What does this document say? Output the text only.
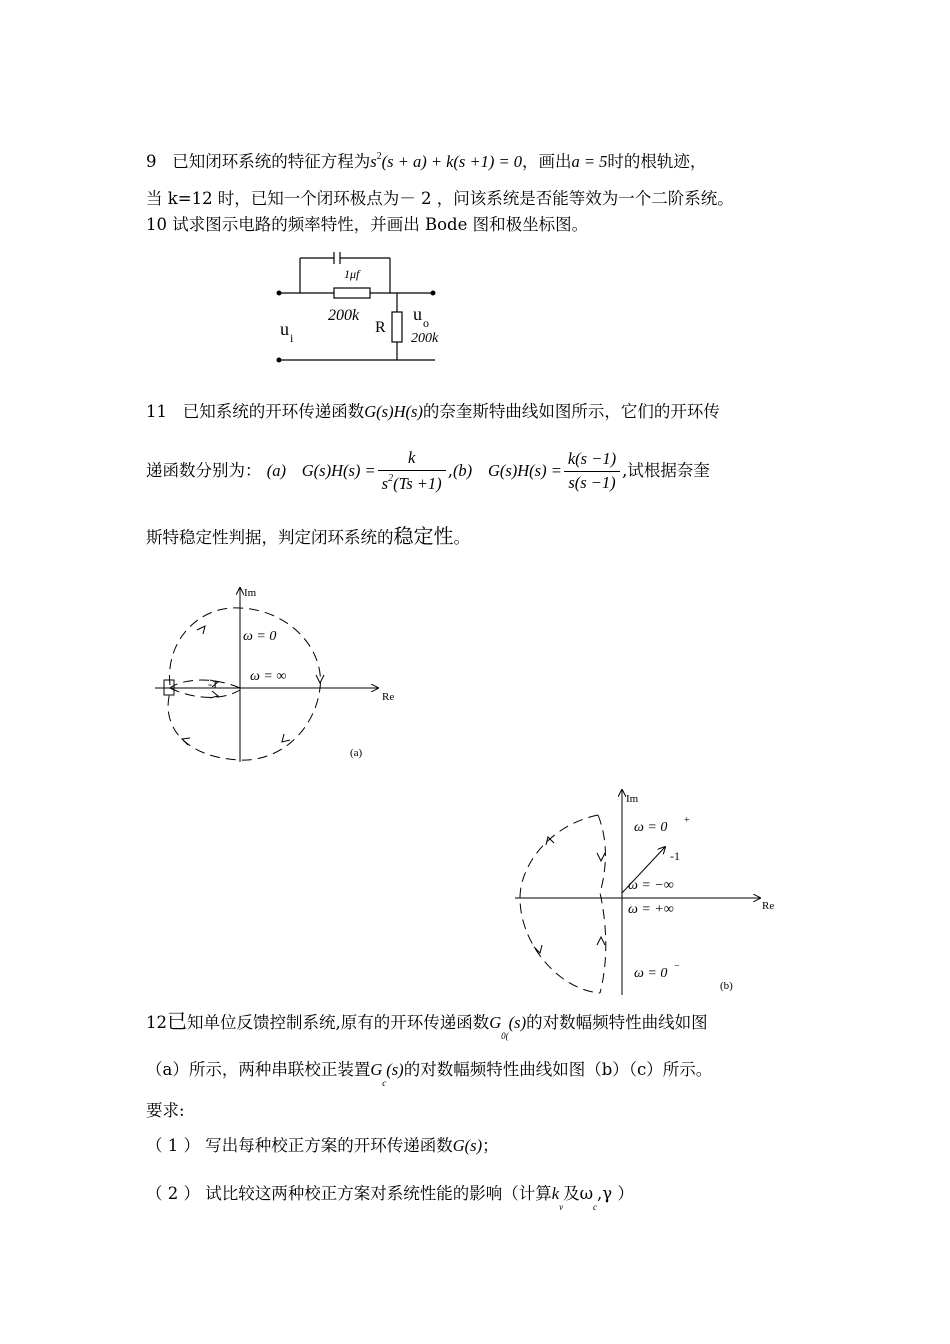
9 已知闭环系统的特征方程为$s^2(s + a) + k(s +1) = 0$，画出a = 5时的根轨迹，
当 k=12 时，已知一个闭环极点为－ 2 ，问该系统是否能等效为一个二阶系统。
10 试求图示电路的频率特性，并画出 Bode 图和极坐标图。
1μf
200k
u i
R
u o
200k
11 已知系统的开环传递函数G(s)H(s)的奈奎斯特曲线如图所示，它们的开环传
递函数分别为： (a) $G(s)H(s) = \frac{k}{s^2(Ts +1)} ,(b) G(s)H(s) = \frac{k(s -1)}{s(s -1)}$ ,试根据奈奎
斯特稳定性判据，判定闭环系统的稳定性。
Im
Re
ω = 0
ω = ∞
-1
(a)
Im
Re
ω = 0 +
-1
ω = −∞
ω = +∞
ω = 0 −
(b)
12已知单位反馈控制系统,原有的开环传递函数$G_{0(}(s)$的对数幅频特性曲线如图
（a）所示，两种串联校正装置$G_c(s)$的对数幅频特性曲线如图（b）（c）所示。
要求:
（ 1 ） 写出每种校正方案的开环传递函数G(s)；
（ 2 ） 试比较这两种校正方案对系统性能的影响（计算$k_v$及$\omega_c,\gamma$ ）
